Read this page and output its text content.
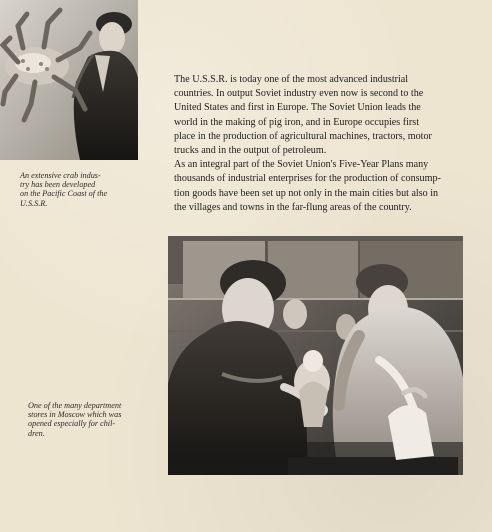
An extensive crab indus-
try has been developed
on the Pacific Coast of the
U.S.S.R.

The U.S.S.R. is today one of the most advanced industrial
countries. In output Soviet industry even now is second to the
United States and first in Europe. The Soviet Union leads the
world in the making of pig iron, and in Europe occupies first
place in the production of agricultural machines, tractors, motor
trucks and in the output of petroleum.

As an integral part of the Soviet Union's Five-Year Plans many
thousands of industrial enterprises for the production of consump-
tion goods have been set up not only in the main cities but also in
the villages and towns in the far-flung areas of the country.

One of the many department
stores in Moscow which was
opened especially for chil-
dren.
